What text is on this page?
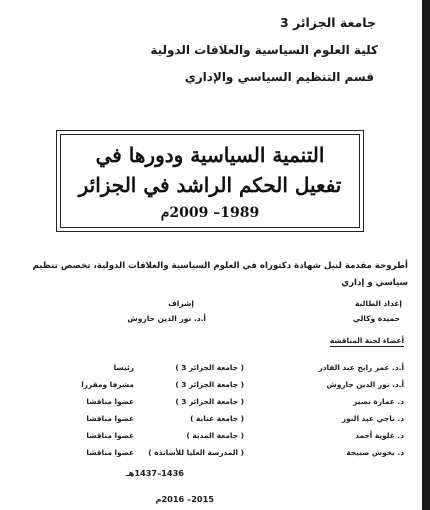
جامعة الجزائر 3
كلية العلوم السياسية والعلاقات الدولية
قسم التنظيم السياسي والإداري
التنمية السياسية ودورها في
تفعيل الحكم الراشد في الجزائر
1989– 2009م
أطروحة مقدمة لنيل شهادة دكتوراه في العلوم السياسية والعلاقات الدولية، تخصص تنظيم سياسي و إداري
إعداد الطالبة
حميدة وكالي
إشراف
أ.د. نور الدين حاروش
أعضاء لجنة المناقشة
أ.د. عمر رابح عبد القادر
( جامعة الجزائر 3 )
رئيسا
أ.د. نور الدين حاروش
( جامعة الجزائر 3 )
مشرفا ومقررا
د. عمارة نصير
( جامعة الجزائر 3 )
عضوا مناقشا
د. ناجي عبد النور
( جامعة عنابة )
عضوا مناقشا
د. علوية أحمد
( جامعة المدية )
عضوا مناقشا
د. بخوش صبيحة
( المدرسة العليا للأساتذة )
عضوا مناقشا
1436–1437هـ
2015– 2016م
